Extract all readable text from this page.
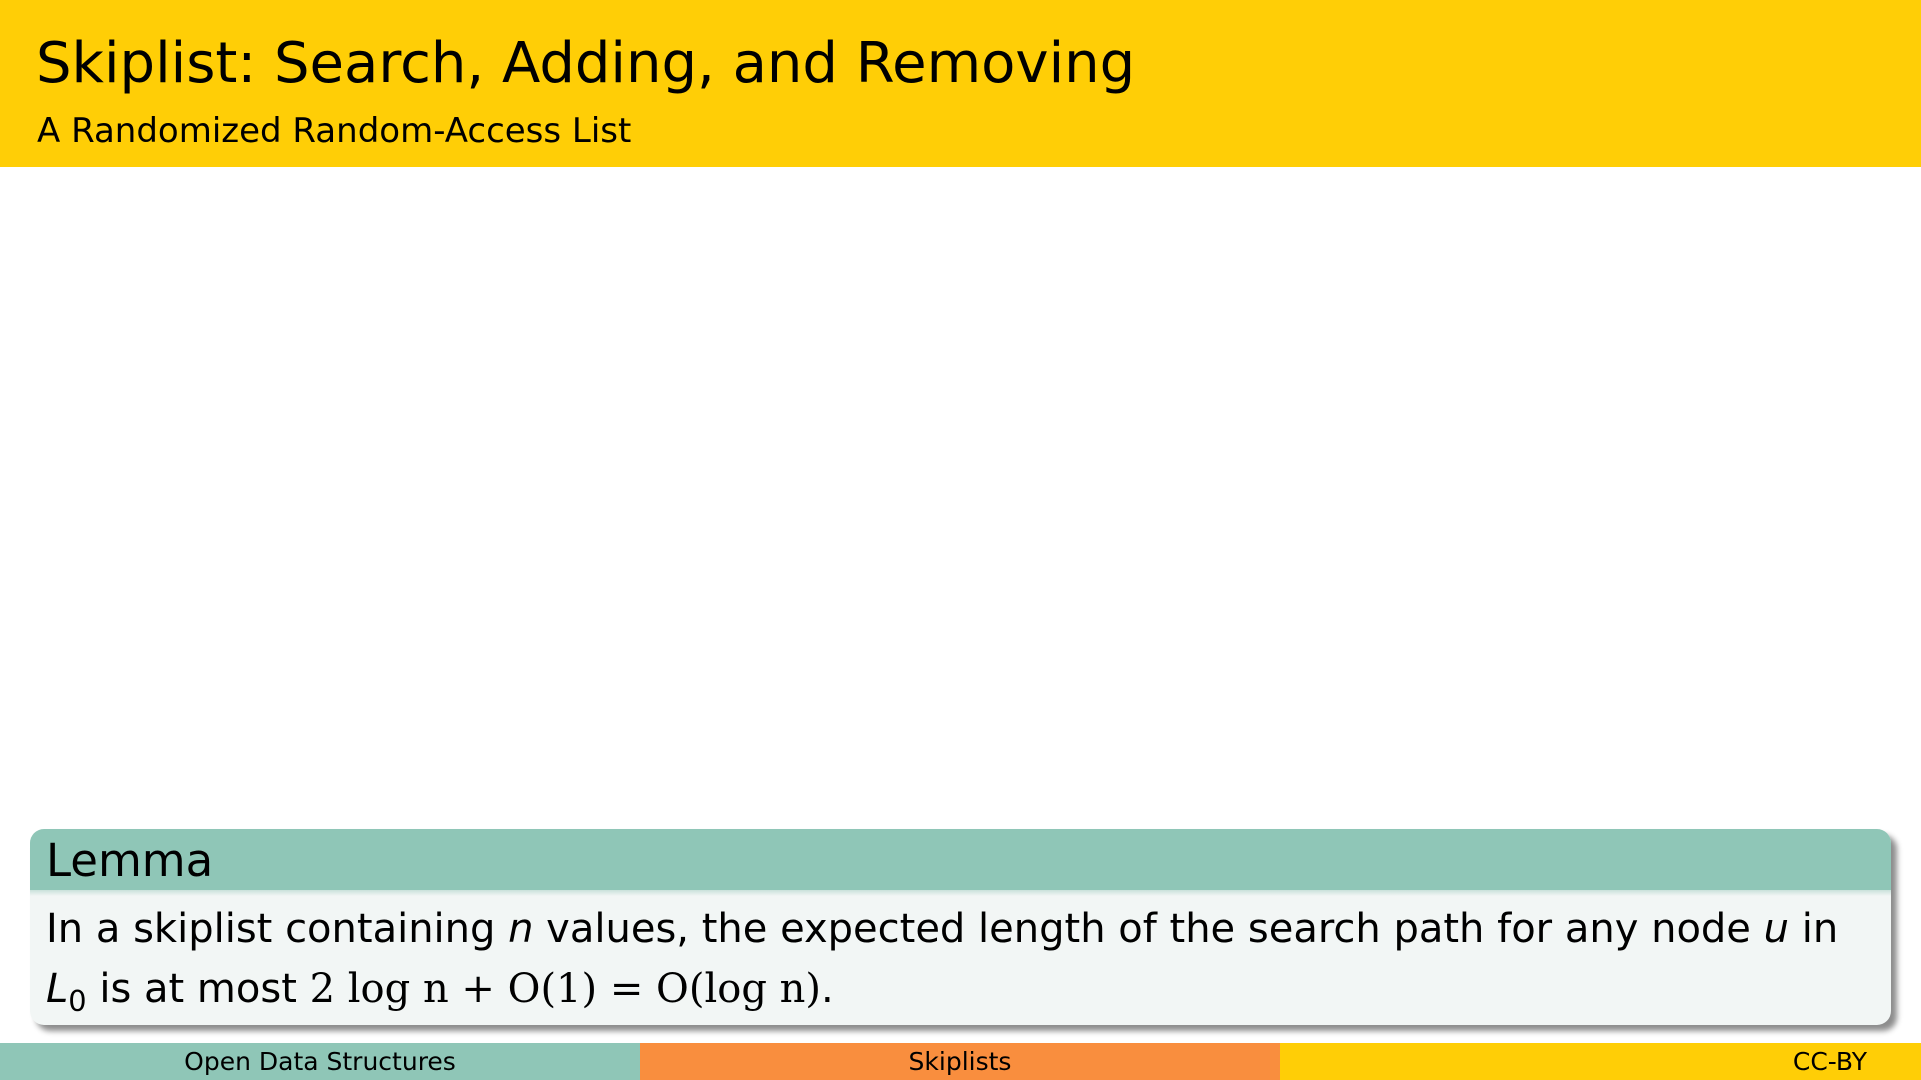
Skiplist: Search, Adding, and Removing
A Randomized Random-Access List
Lemma
In a skiplist containing n values, the expected length of the search path for any node u in $L_0$ is at most 2 log n + O(1) = O(log n).
Open Data Structures	Skiplists	CC-BY
